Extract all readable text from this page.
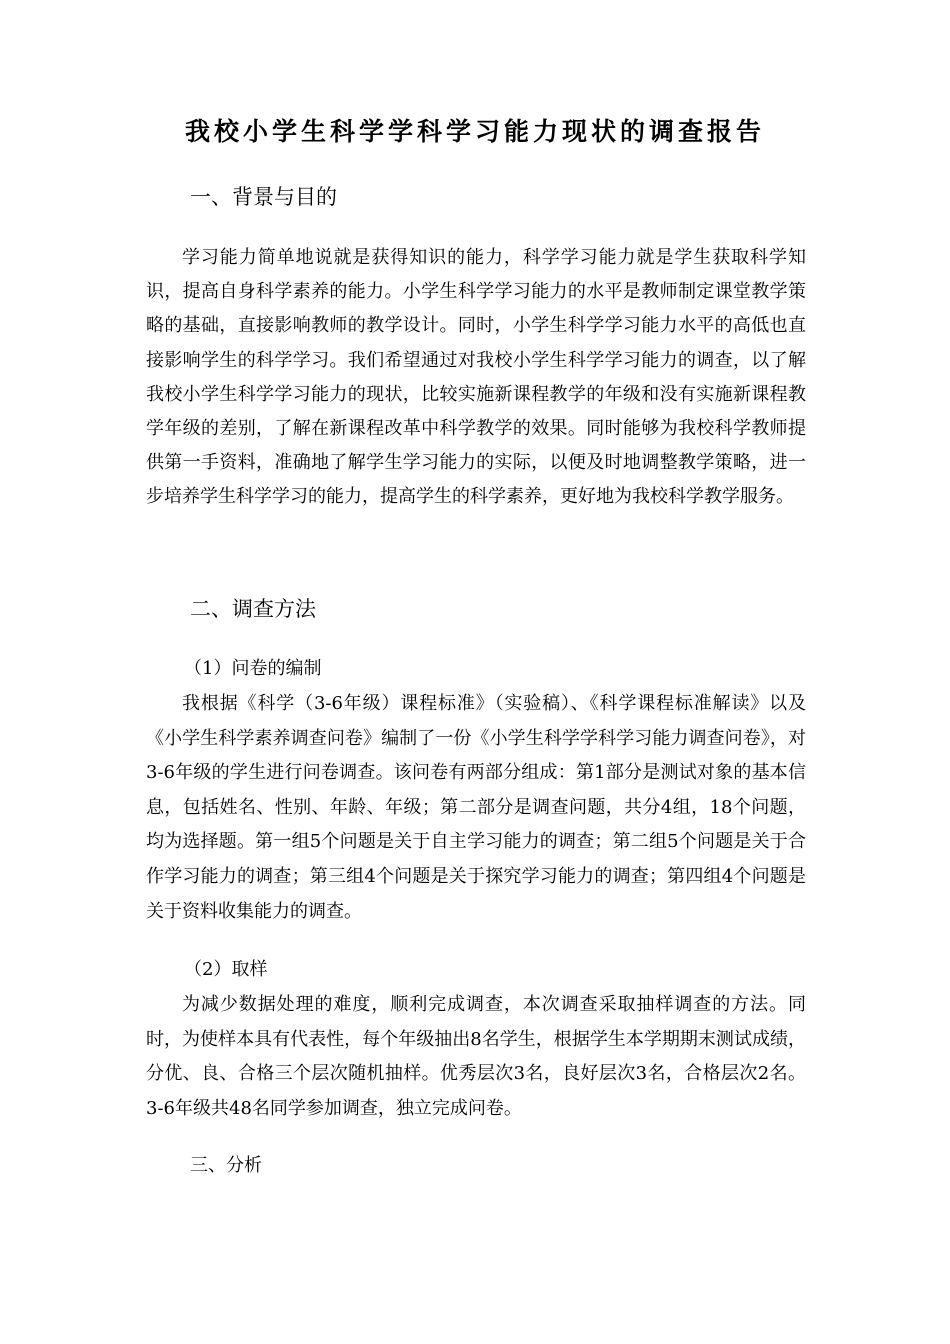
我校小学生科学学科学习能力现状的调查报告
一、背景与目的
学习能力简单地说就是获得知识的能力，科学学习能力就是学生获取科学知识，提高自身科学素养的能力。小学生科学学习能力的水平是教师制定课堂教学策略的基础，直接影响教师的教学设计。同时，小学生科学学习能力水平的高低也直接影响学生的科学学习。我们希望通过对我校小学生科学学习能力的调查，以了解我校小学生科学学习能力的现状，比较实施新课程教学的年级和没有实施新课程教学年级的差别，了解在新课程改革中科学教学的效果。同时能够为我校科学教师提供第一手资料，准确地了解学生学习能力的实际，以便及时地调整教学策略，进一步培养学生科学学习的能力，提高学生的科学素养，更好地为我校科学教学服务。
二、调查方法
（1）问卷的编制
我根据《科学（3-6年级）课程标准》（实验稿）、《科学课程标准解读》以及《小学生科学素养调查问卷》编制了一份《小学生科学学科学习能力调查问卷》，对3-6年级的学生进行问卷调查。该问卷有两部分组成：第1部分是测试对象的基本信息，包括姓名、性别、年龄、年级；第二部分是调查问题，共分4组，18个问题，均为选择题。第一组5个问题是关于自主学习能力的调查；第二组5个问题是关于合作学习能力的调查；第三组4个问题是关于探究学习能力的调查；第四组4个问题是关于资料收集能力的调查。
（2）取样
为减少数据处理的难度，顺利完成调查，本次调查采取抽样调查的方法。同时，为使样本具有代表性，每个年级抽出8名学生，根据学生本学期期末测试成绩，分优、良、合格三个层次随机抽样。优秀层次3名，良好层次3名，合格层次2名。3-6年级共48名同学参加调查，独立完成问卷。
三、分析
